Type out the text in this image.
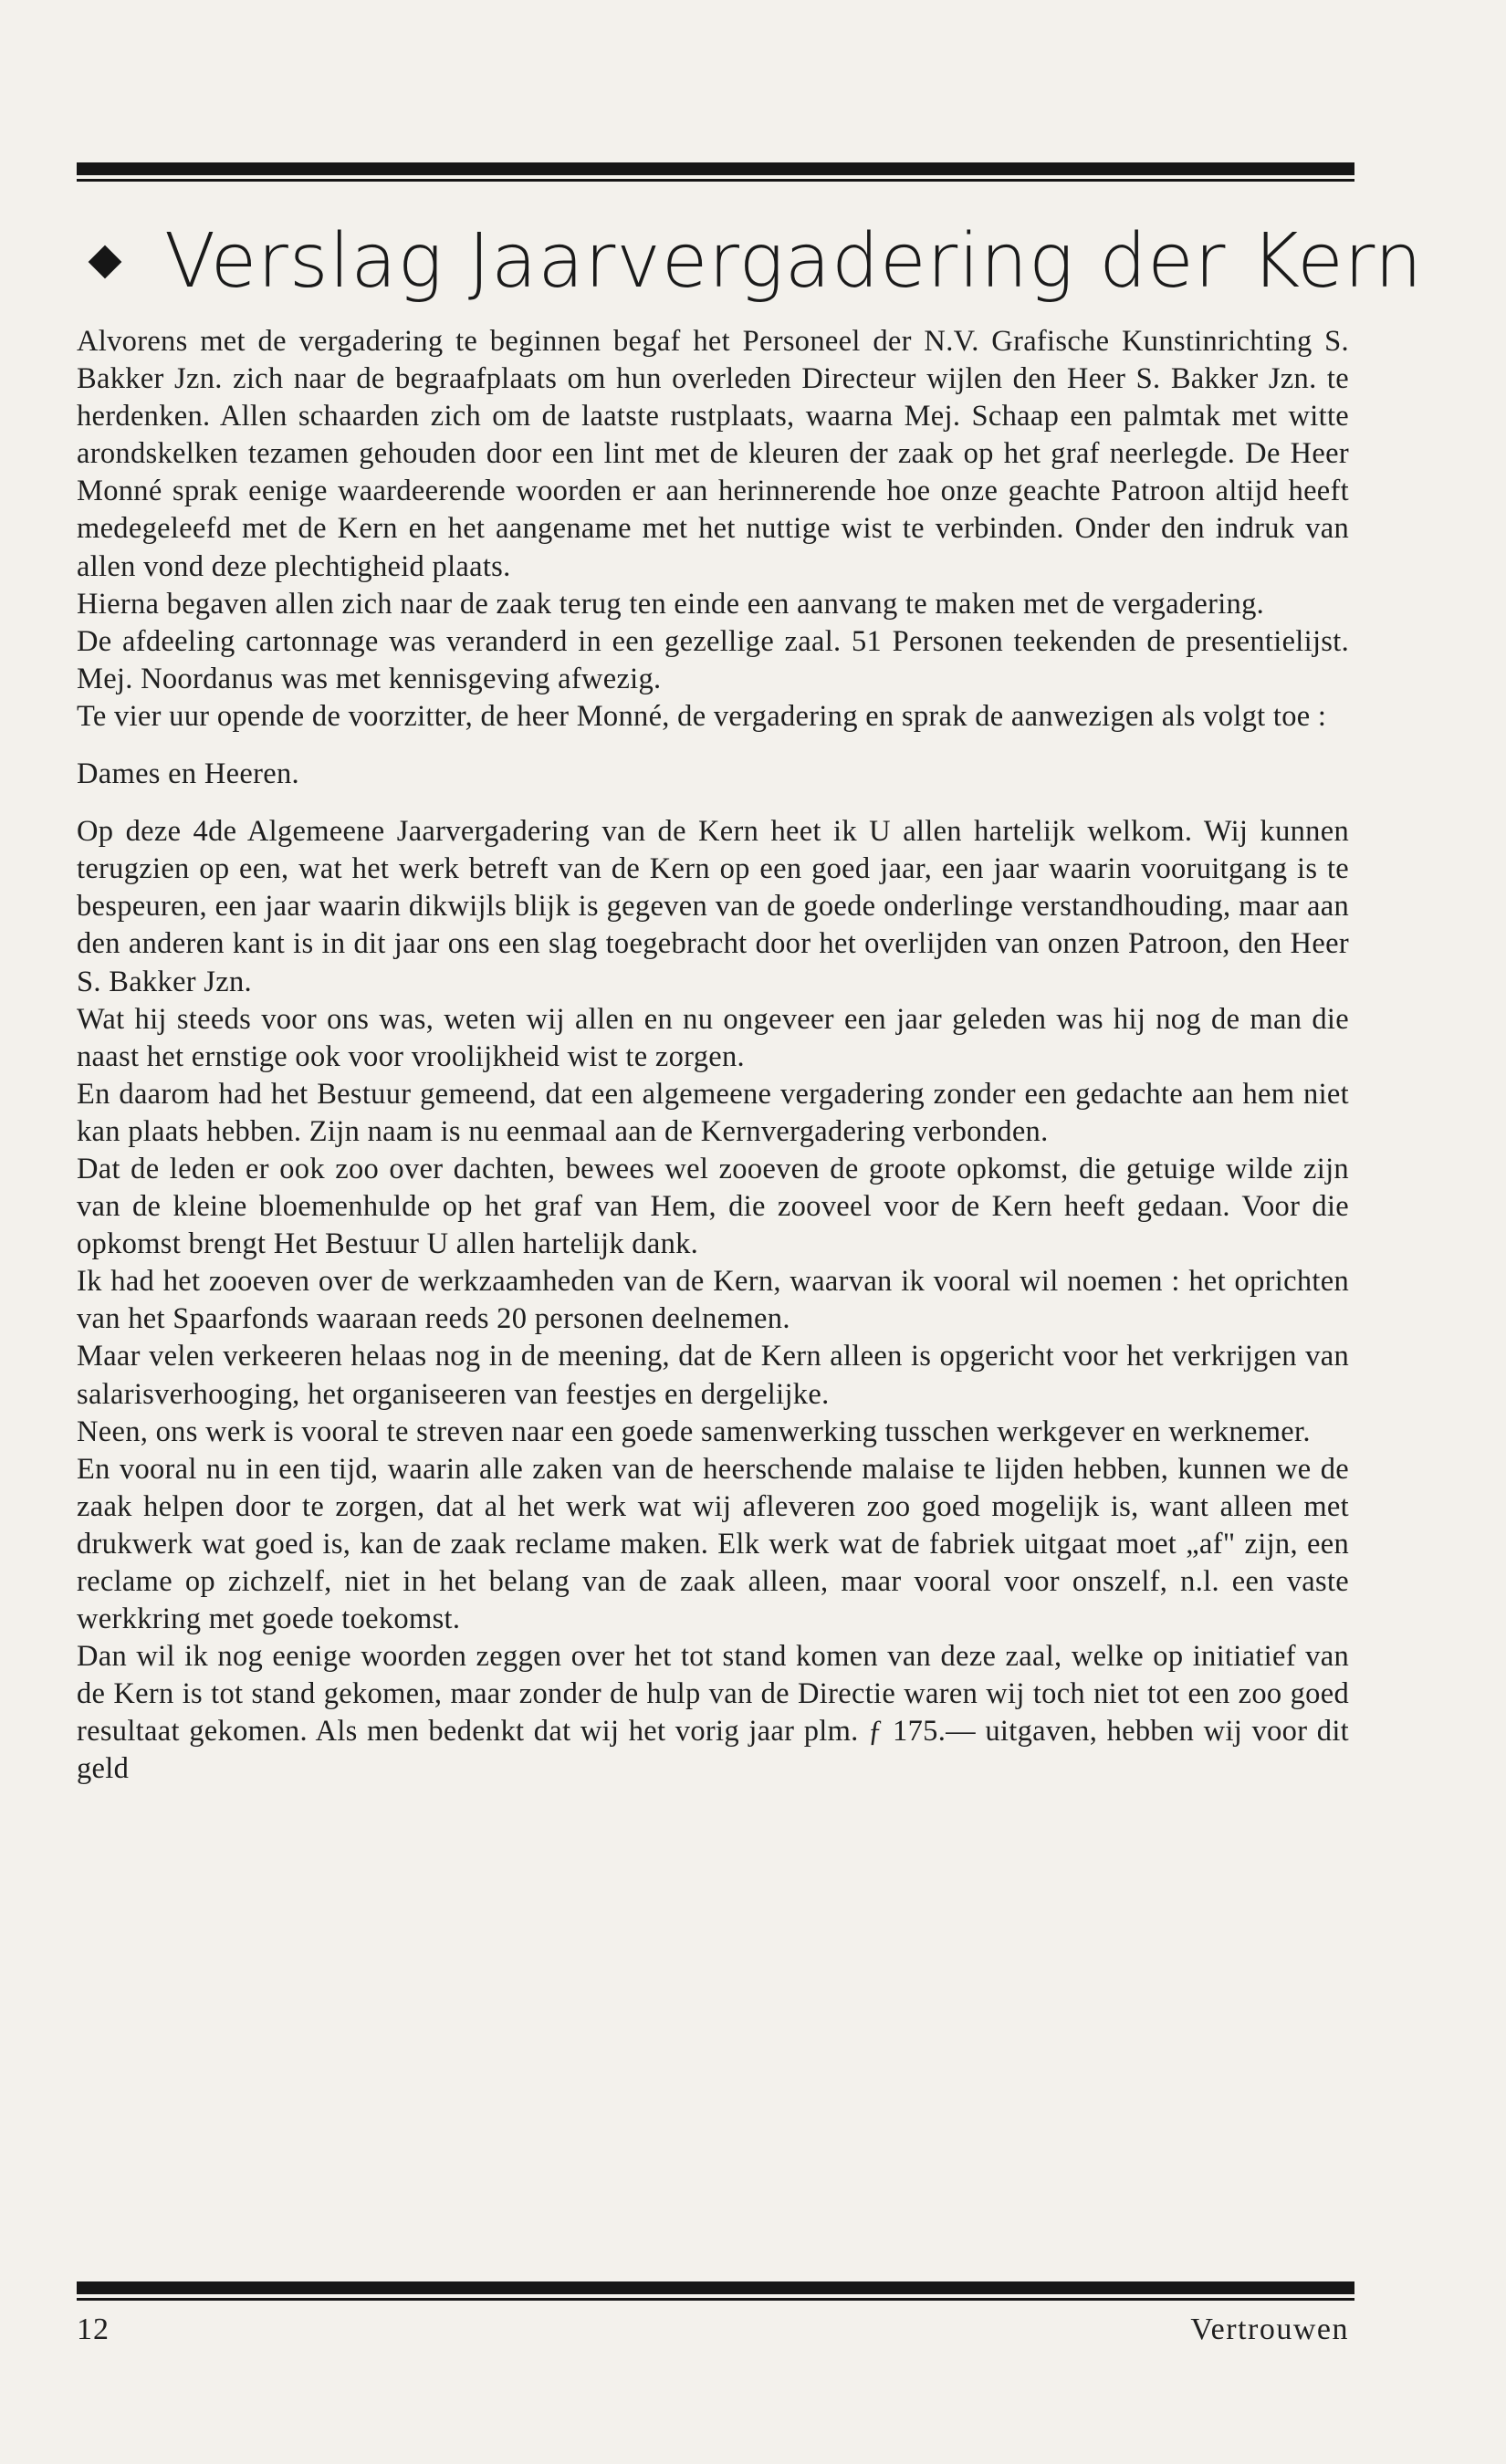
Verslag Jaarvergadering der Kern

Alvorens met de vergadering te beginnen begaf het Personeel der N.V. Grafische Kunstinrichting S. Bakker Jzn. zich naar de begraafplaats om hun overleden Directeur wijlen den Heer S. Bakker Jzn. te herdenken. Allen schaarden zich om de laatste rustplaats, waarna Mej. Schaap een palmtak met witte arondskelken tezamen gehouden door een lint met de kleuren der zaak op het graf neerlegde. De Heer Monné sprak eenige waardeerende woorden er aan herinnerende hoe onze geachte Patroon altijd heeft medegeleefd met de Kern en het aangename met het nuttige wist te verbinden. Onder den indruk van allen vond deze plechtigheid plaats.

Hierna begaven allen zich naar de zaak terug ten einde een aanvang te maken met de vergadering.

De afdeeling cartonnage was veranderd in een gezellige zaal. 51 Personen teekenden de presentielijst. Mej. Noordanus was met kennisgeving afwezig.

Te vier uur opende de voorzitter, de heer Monné, de vergadering en sprak de aanwezigen als volgt toe :

Dames en Heeren.

Op deze 4de Algemeene Jaarvergadering van de Kern heet ik U allen hartelijk welkom. Wij kunnen terugzien op een, wat het werk betreft van de Kern op een goed jaar, een jaar waarin vooruitgang is te bespeuren, een jaar waarin dikwijls blijk is gegeven van de goede onderlinge verstandhouding, maar aan den anderen kant is in dit jaar ons een slag toegebracht door het overlijden van onzen Patroon, den Heer S. Bakker Jzn.

Wat hij steeds voor ons was, weten wij allen en nu ongeveer een jaar geleden was hij nog de man die naast het ernstige ook voor vroolijkheid wist te zorgen.

En daarom had het Bestuur gemeend, dat een algemeene vergadering zonder een gedachte aan hem niet kan plaats hebben. Zijn naam is nu eenmaal aan de Kernvergadering verbonden.

Dat de leden er ook zoo over dachten, bewees wel zooeven de groote opkomst, die getuige wilde zijn van de kleine bloemenhulde op het graf van Hem, die zooveel voor de Kern heeft gedaan. Voor die opkomst brengt Het Bestuur U allen hartelijk dank.

Ik had het zooeven over de werkzaamheden van de Kern, waarvan ik vooral wil noemen : het oprichten van het Spaarfonds waaraan reeds 20 personen deelnemen.

Maar velen verkeeren helaas nog in de meening, dat de Kern alleen is opgericht voor het verkrijgen van salarisverhooging, het organiseeren van feestjes en dergelijke.

Neen, ons werk is vooral te streven naar een goede samenwerking tusschen werkgever en werknemer.

En vooral nu in een tijd, waarin alle zaken van de heerschende malaise te lijden hebben, kunnen we de zaak helpen door te zorgen, dat al het werk wat wij afleveren zoo goed mogelijk is, want alleen met drukwerk wat goed is, kan de zaak reclame maken. Elk werk wat de fabriek uitgaat moet „af" zijn, een reclame op zichzelf, niet in het belang van de zaak alleen, maar vooral voor onszelf, n.l. een vaste werkkring met goede toekomst.

Dan wil ik nog eenige woorden zeggen over het tot stand komen van deze zaal, welke op initiatief van de Kern is tot stand gekomen, maar zonder de hulp van de Directie waren wij toch niet tot een zoo goed resultaat gekomen. Als men bedenkt dat wij het vorig jaar plm. ƒ 175.— uitgaven, hebben wij voor dit geld

12	Vertrouwen
